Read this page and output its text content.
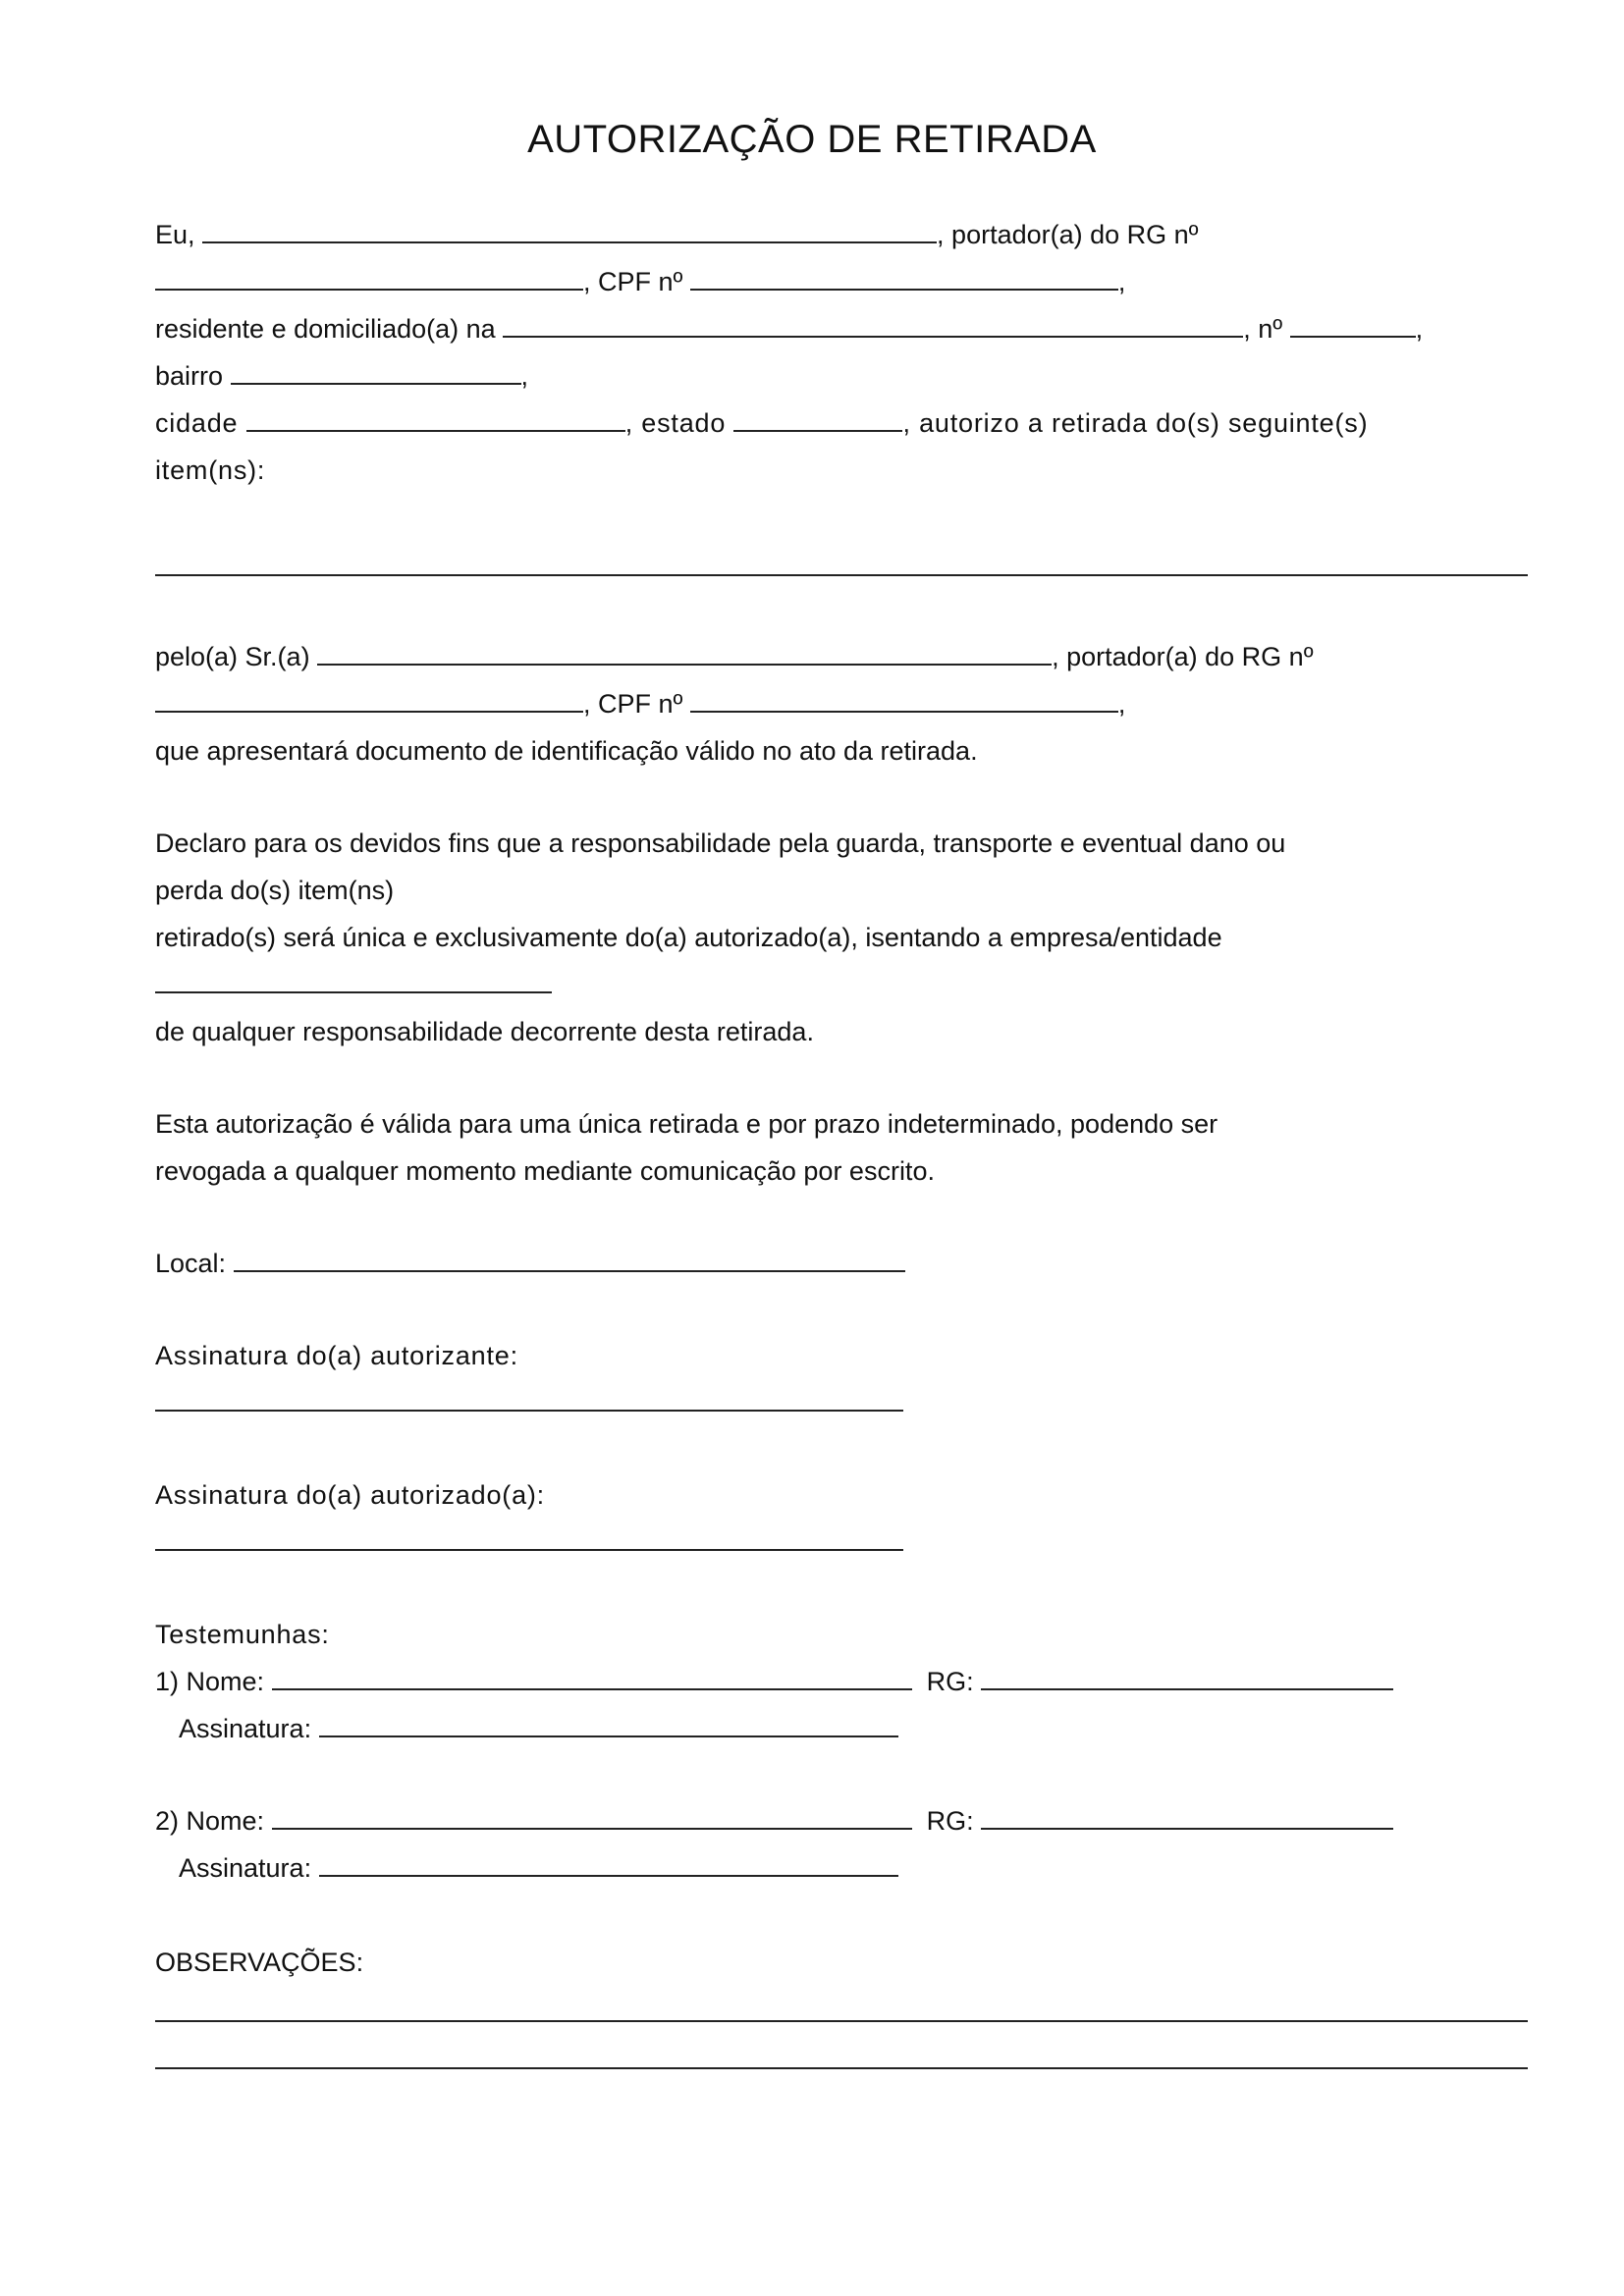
AUTORIZAÇÃO DE RETIRADA
Eu,	, portador(a) do RG nº
, CPF nº	,
residente e domiciliado(a) na	, nº	,
bairro	,
cidade	, estado	, autorizo a retirada do(s) seguinte(s)
item(ns):
pelo(a) Sr.(a)	, portador(a) do RG nº
, CPF nº	,
que apresentará documento de identificação válido no ato da retirada.
Declaro para os devidos fins que a responsabilidade pela guarda, transporte e eventual dano ou
perda do(s) item(ns)
retirado(s) será única e exclusivamente do(a) autorizado(a), isentando a empresa/entidade
de qualquer responsabilidade decorrente desta retirada.
Esta autorização é válida para uma única retirada e por prazo indeterminado, podendo ser
revogada a qualquer momento mediante comunicação por escrito.
Local:
Assinatura do(a) autorizante:
Assinatura do(a) autorizado(a):
Testemunhas:
1) Nome:	RG:
Assinatura:
2) Nome:	RG:
Assinatura:
OBSERVAÇÕES:
